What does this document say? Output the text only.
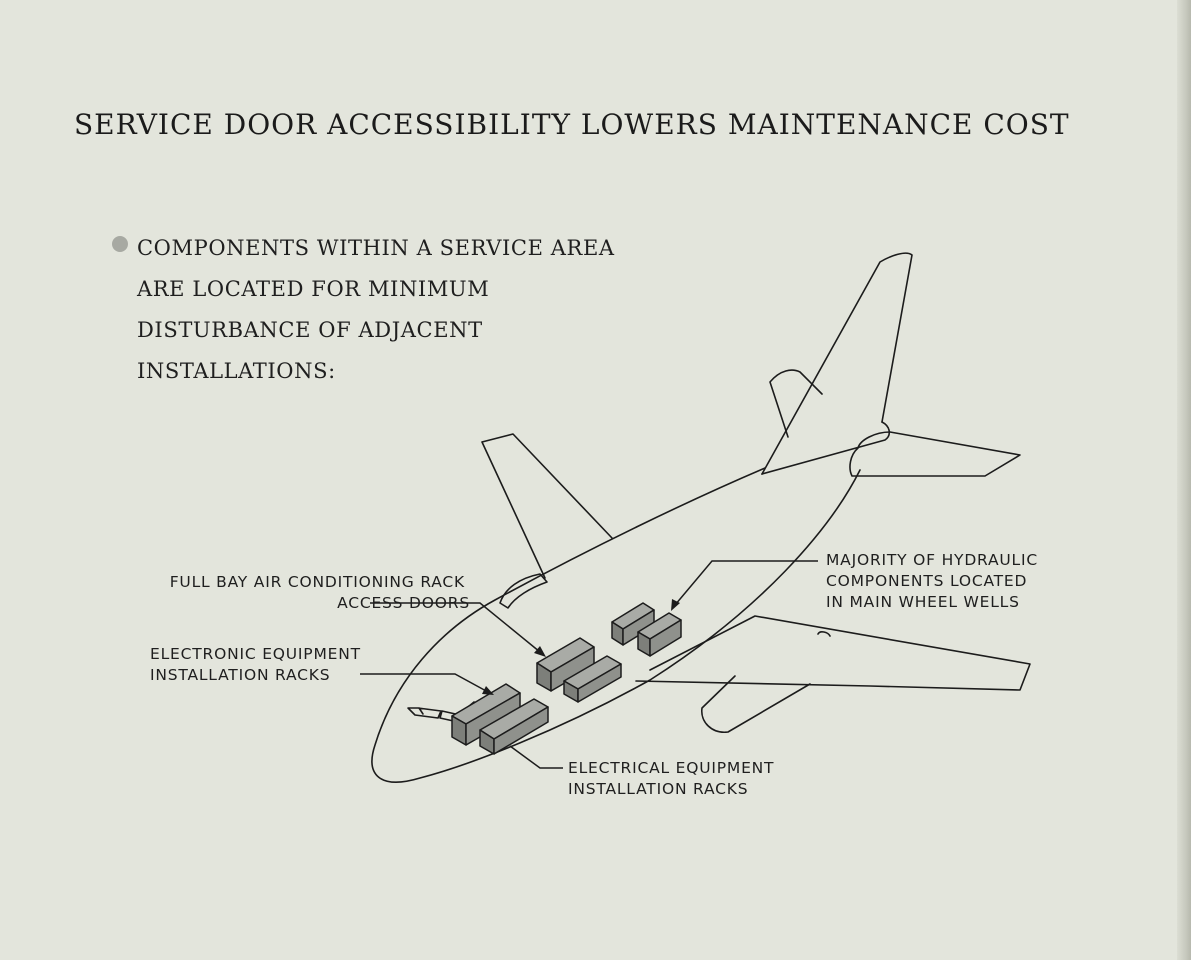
SERVICE DOOR ACCESSIBILITY LOWERS MAINTENANCE COST
COMPONENTS WITHIN A SERVICE AREA
ARE LOCATED FOR MINIMUM
DISTURBANCE OF ADJACENT
INSTALLATIONS:
FULL BAY AIR CONDITIONING RACK
ACCESS DOORS
ELECTRONIC EQUIPMENT
INSTALLATION RACKS
MAJORITY OF HYDRAULIC
COMPONENTS LOCATED
IN MAIN WHEEL WELLS
ELECTRICAL EQUIPMENT
INSTALLATION RACKS
